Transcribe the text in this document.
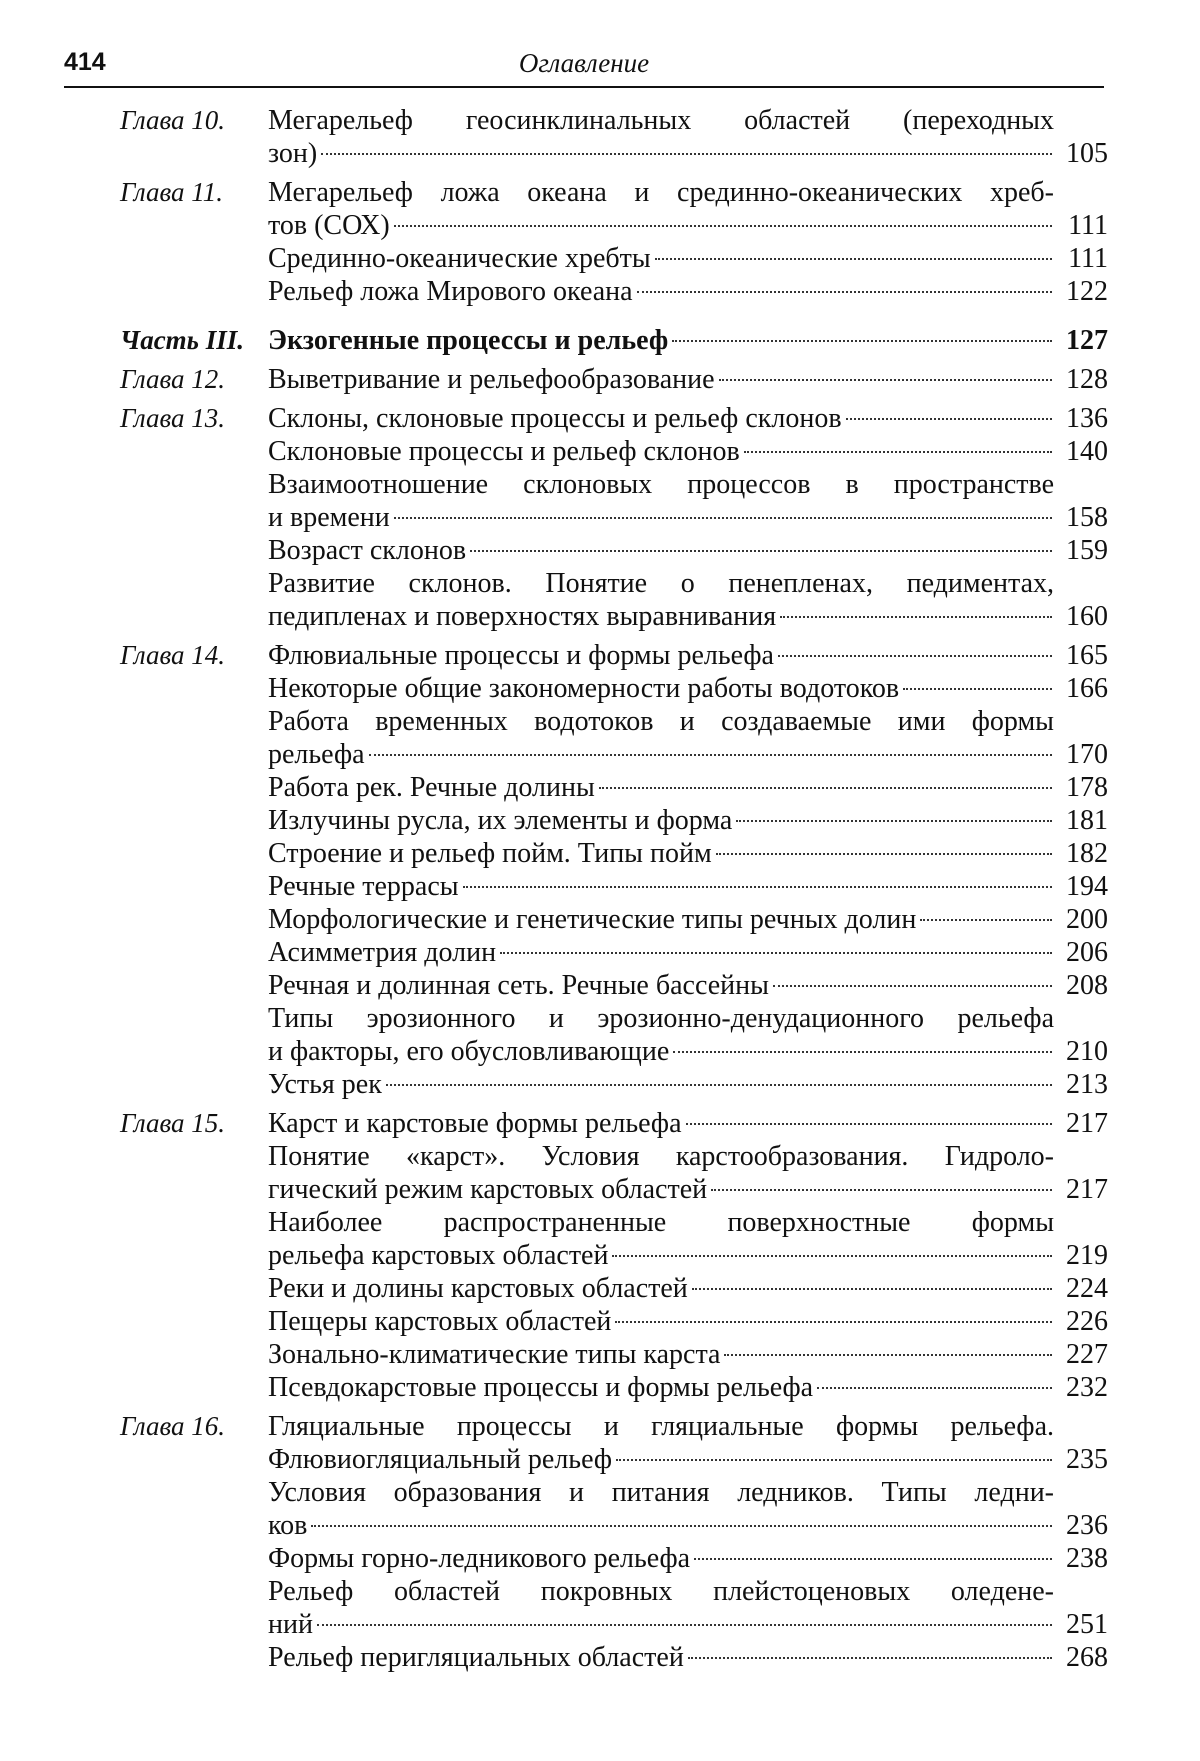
414	Оглавление
Глава 10.	Мегарельеф геосинклинальных областей (переходных
зон)	105
Глава 11.	Мегарельеф ложа океана и срединно-океанических хреб-
тов (СОХ)	111
Срединно-океанические хребты	111
Рельеф ложа Мирового океана	122
Часть III. Экзогенные процессы и рельеф	127
Глава 12.	Выветривание и рельефообразование	128
Глава 13.	Склоны, склоновые процессы и рельеф склонов	136
Склоновые процессы и рельеф склонов	140
Взаимоотношение склоновых процессов в пространстве
и времени	158
Возраст склонов	159
Развитие склонов. Понятие о пенепленах, педиментах,
педипленах и поверхностях выравнивания	160
Глава 14.	Флювиальные процессы и формы рельефа	165
Некоторые общие закономерности работы водотоков	166
Работа временных водотоков и создаваемые ими формы
рельефа	170
Работа рек. Речные долины	178
Излучины русла, их элементы и форма	181
Строение и рельеф пойм. Типы пойм	182
Речные террасы	194
Морфологические и генетические типы речных долин	200
Асимметрия долин	206
Речная и долинная сеть. Речные бассейны	208
Типы эрозионного и эрозионно-денудационного рельефа
и факторы, его обусловливающие	210
Устья рек	213
Глава 15.	Карст и карстовые формы рельефа	217
Понятие «карст». Условия карстообразования. Гидроло-
гический режим карстовых областей	217
Наиболее распространенные поверхностные формы
рельефа карстовых областей	219
Реки и долины карстовых областей	224
Пещеры карстовых областей	226
Зонально-климатические типы карста	227
Псевдокарстовые процессы и формы рельефа	232
Глава 16.	Гляциальные процессы и гляциальные формы рельефа.
Флювиогляциальный рельеф	235
Условия образования и питания ледников. Типы ледни-
ков	236
Формы горно-ледникового рельефа	238
Рельеф областей покровных плейстоценовых оледене-
ний	251
Рельеф перигляциальных областей	268
